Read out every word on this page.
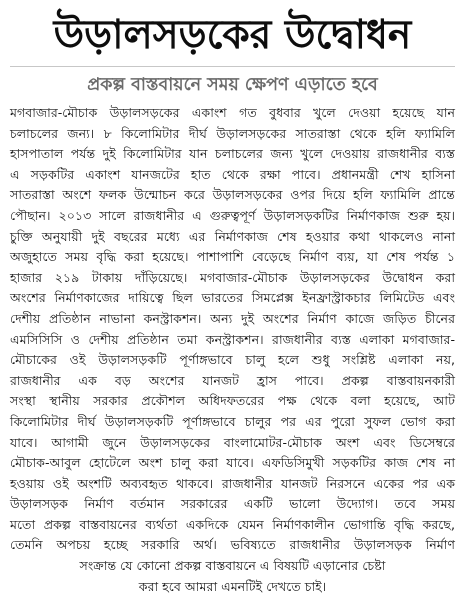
উড়ালসড়কের উদ্বোধন
প্রকল্প বাস্তবায়নে সময় ক্ষেপণ এড়াতে হবে
মগবাজার-মৌচাক উড়ালসড়কের একাংশ গত বুধবার খুলে দেওয়া হয়েছে যান
চলাচলের জন্য। ৮ কিলোমিটার দীর্ঘ উড়ালসড়কের সাতরাস্তা থেকে হলি ফ্যামিলি
হাসপাতাল পর্যন্ত দুই কিলোমিটার যান চলাচলের জন্য খুলে দেওয়ায় রাজধানীর ব্যস্ত
এ সড়কটির একাংশ যানজটের হাত থেকে রক্ষা পাবে। প্রধানমন্ত্রী শেখ হাসিনা
সাতরাস্তা অংশে ফলক উন্মোচন করে উড়ালসড়কের ওপর দিয়ে হলি ফ্যামিলি প্রান্তে
পৌছান। ২০১৩ সালে রাজধানীর এ গুরুত্বপূর্ণ উড়ালসড়কটির নির্মাণকাজ শুরু হয়।
চুক্তি অনুযায়ী দুই বছরের মধ্যে এর নির্মাণকাজ শেষ হওয়ার কথা থাকলেও নানা
অজুহাতে সময় বৃদ্ধি করা হয়েছে। পাশাপাশি বেড়েছে নির্মাণ ব্যয়, যা শেষ পর্যন্ত ১
হাজার ২১৯ টাকায় দাঁড়িয়েছে। মগবাজার-মৌচাক উড়ালসড়কের উদ্বোধন করা
অংশের নির্মাণকাজের দায়িত্বে ছিল ভারতের সিমপ্লেক্স ইনফ্রাস্ট্রাকচার লিমিটেড এবং
দেশীয় প্রতিষ্ঠান নাভানা কনস্ট্রাকশন। অন্য দুই অংশের নির্মাণ কাজে জড়িত চীনের
এমসিসিসি ও দেশীয় প্রতিষ্ঠান তমা কনস্ট্রাকশন। রাজধানীর ব্যস্ত এলাকা মগবাজার-
মৌচাকের ওই উড়ালসড়কটি পূর্ণাঙ্গভাবে চালু হলে শুধু সংশ্লিষ্ট এলাকা নয়,
রাজধানীর এক বড় অংশের যানজট হ্রাস পাবে। প্রকল্প বাস্তবায়নকারী
সংস্থা স্থানীয় সরকার প্রকৌশল অধিদফতরের পক্ষ থেকে বলা হয়েছে, আট
কিলোমিটার দীর্ঘ উড়ালসড়কটি পূর্ণাঙ্গভাবে চালুর পর এর পুরো সুফল ভোগ করা
যাবে। আগামী জুনে উড়ালসড়কের বাংলামোটর-মৌচাক অংশ এবং ডিসেম্বরে
মৌচাক-আবুল হোটেলে অংশ চালু করা যাবে। এফডিসিমুখী সড়কটির কাজ শেষ না
হওয়ায় ওই অংশটি অব্যবহৃত থাকবে। রাজধানীর যানজট নিরসনে একের পর এক
উড়ালসড়ক নির্মাণ বর্তমান সরকারের একটি ভালো উদ্যোগ। তবে সময়
মতো প্রকল্প বাস্তবায়নের ব্যর্থতা একদিকে যেমন নির্মাণকালীন ভোগান্তি বৃদ্ধি করছে,
তেমনি অপচয় হচ্ছে সরকারি অর্থ। ভবিষ্যতে রাজধানীর উড়ালসড়ক নির্মাণ
সংক্রান্ত যে কোনো প্রকল্প বাস্তবায়নে এ বিষয়টি এড়ানোর চেষ্টা
করা হবে আমরা এমনটিই দেখতে চাই।
